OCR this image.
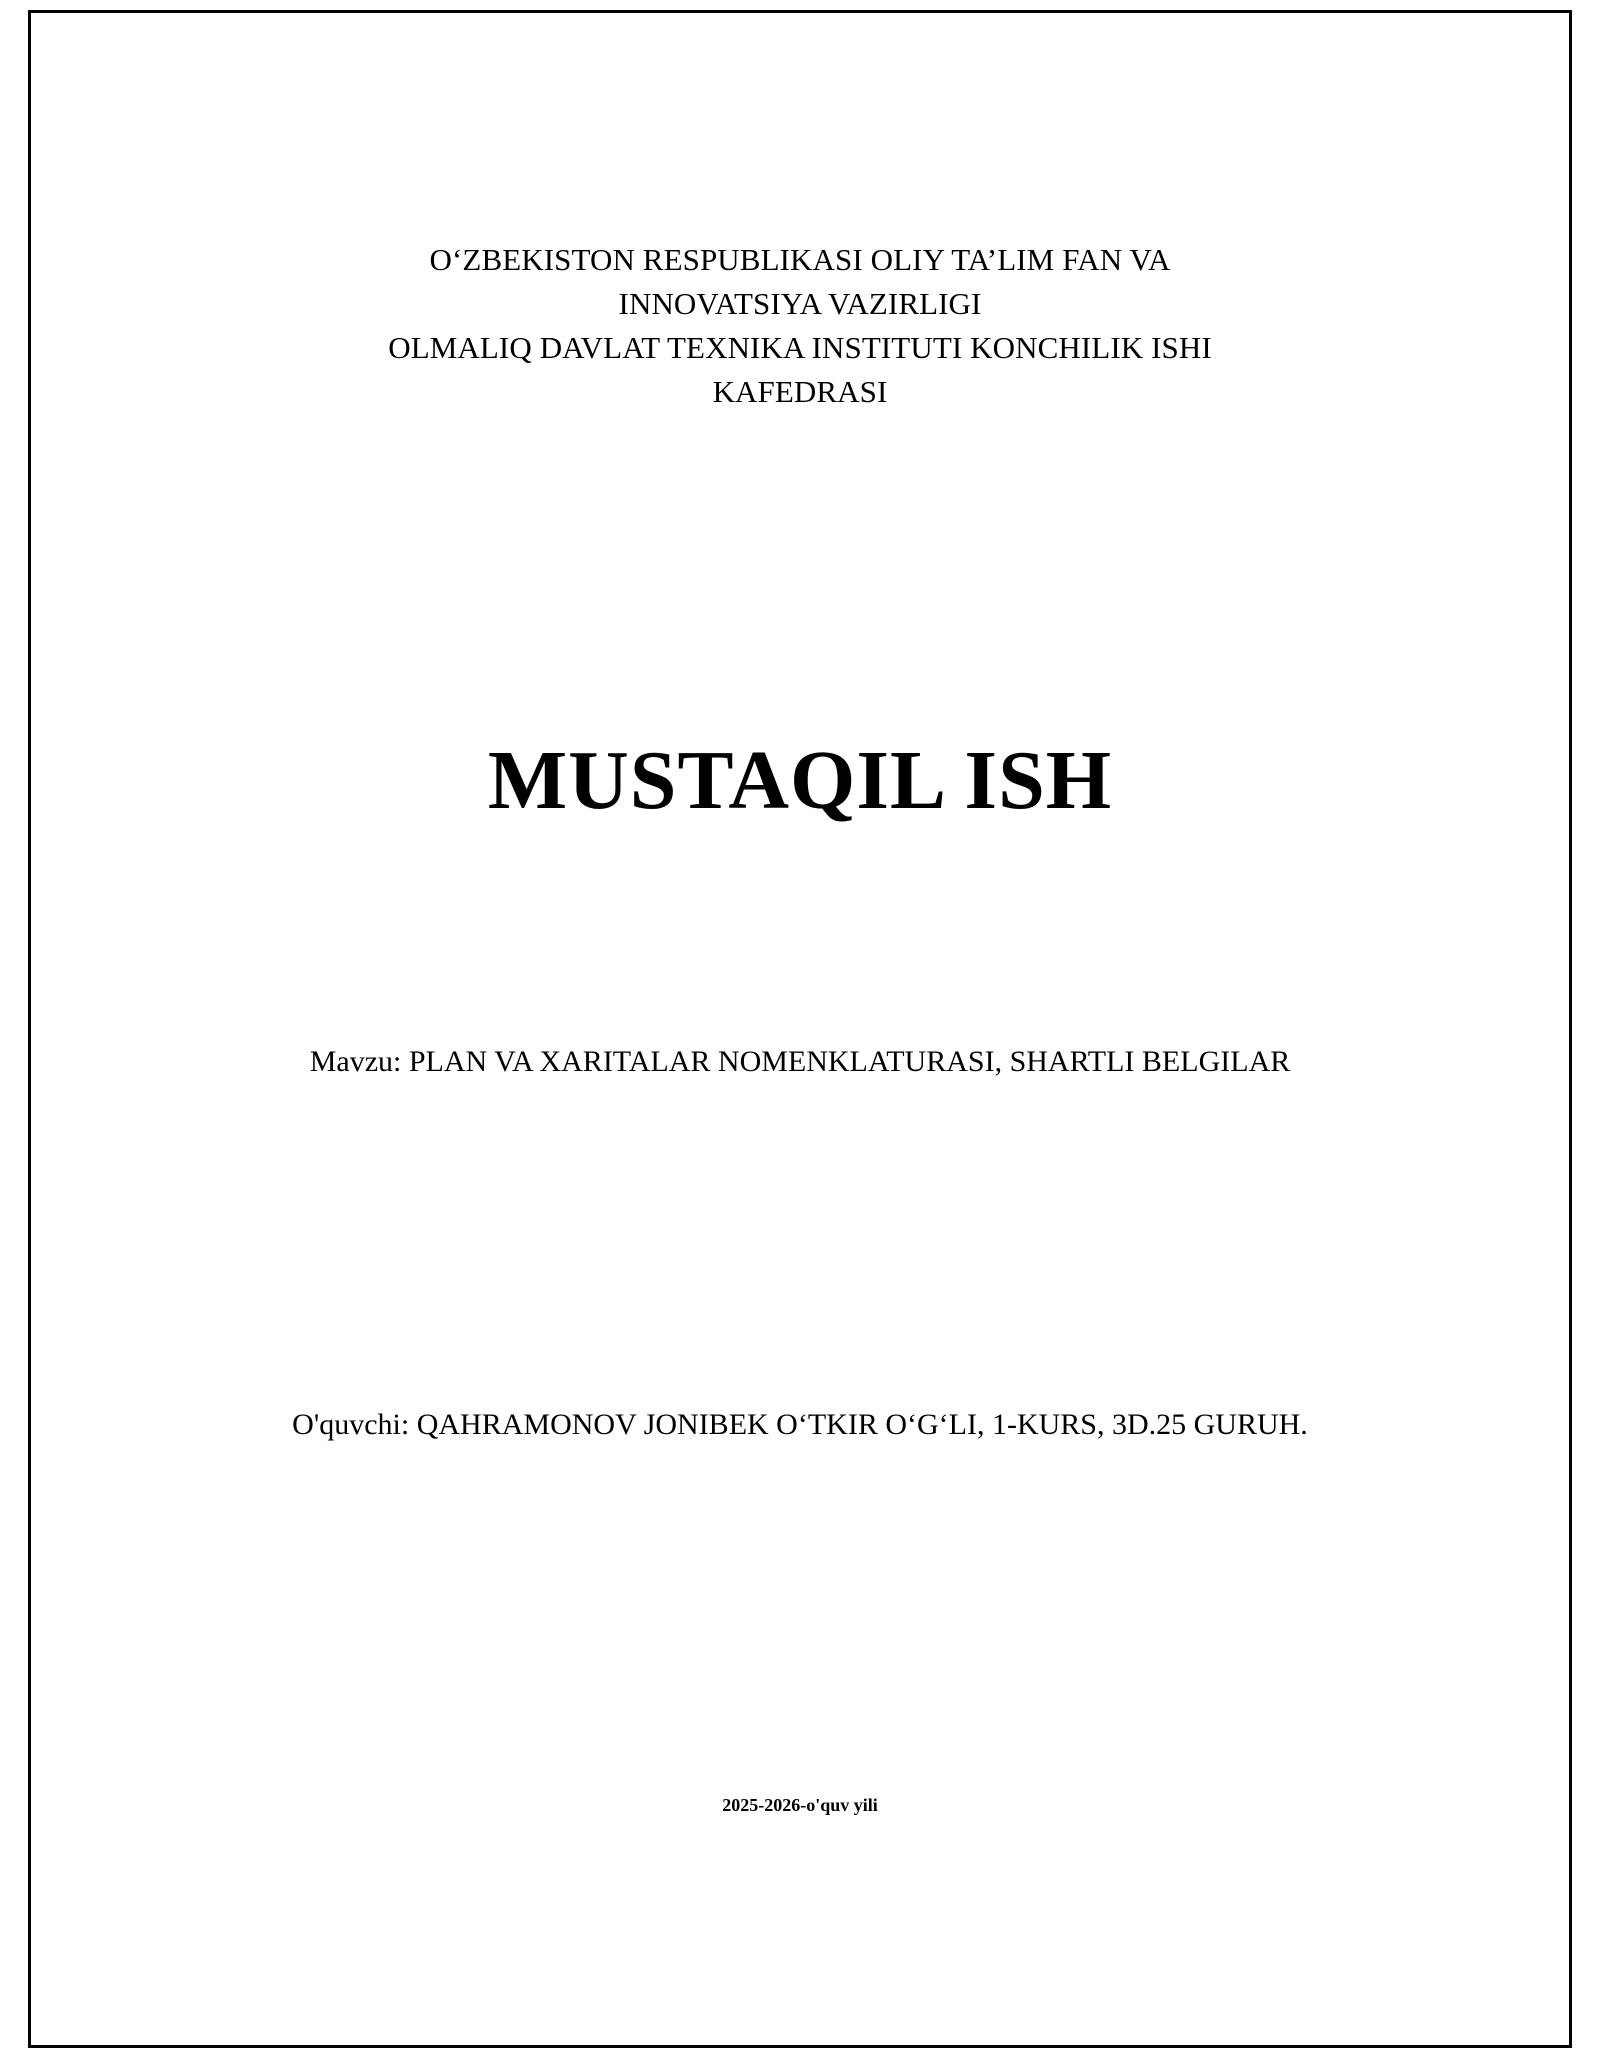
O‘ZBEKISTON RESPUBLIKASI OLIY TA’LIM FAN VA
INNOVATSIYA VAZIRLIGI
OLMALIQ DAVLAT TEXNIKA INSTITUTI KONCHILIK ISHI
KAFEDRASI
MUSTAQIL ISH
Mavzu: PLAN VA XARITALAR NOMENKLATURASI, SHARTLI BELGILAR
O'quvchi: QAHRAMONOV JONIBEK O‘TKIR O‘G‘LI, 1-KURS, 3D.25 GURUH.
2025-2026-o'quv yili
